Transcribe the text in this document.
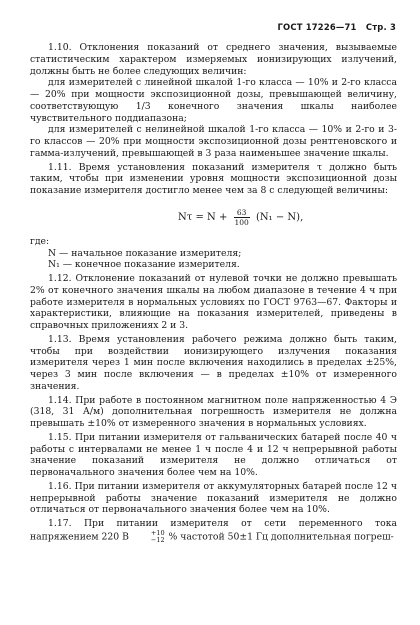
ГОСТ 17226—71 Стр. 3

1.10. Отклонения показаний от среднего значения, вызываемые статистическим характером измеряемых ионизирующих излучений, должны быть не более следующих величин:

для измерителей с линейной шкалой 1-го класса — 10% и 2-го класса — 20% при мощности экспозиционной дозы, превышающей величину, соответствующую 1/3 конечного значения шкалы наиболее чувствительного поддиапазона;

для измерителей с нелинейной шкалой 1-го класса — 10% и 2-го и 3-го классов — 20% при мощности экспозиционной дозы рентгеновского и гамма-излучений, превышающей в 3 раза наименьшее значение шкалы.

1.11. Время установления показаний измерителя τ должно быть таким, чтобы при изменении уровня мощности экспозиционной дозы показание измерителя достигло менее чем за 8 с следующей величины:

$N\tau = N + \frac{63}{100} (N_1 - N)$,

где:

N — начальное показание измерителя;

N₁ — конечное показание измерителя.

1.12. Отклонение показаний от нулевой точки не должно превышать 2% от конечного значения шкалы на любом диапазоне в течение 4 ч при работе измерителя в нормальных условиях по ГОСТ 9763—67. Факторы и характеристики, влияющие на показания измерителей, приведены в справочных приложениях 2 и 3.

1.13. Время установления рабочего режима должно быть таким, чтобы при воздействии ионизирующего излучения показания измерителя через 1 мин после включения находились в пределах ±25%, через 3 мин после включения — в пределах ±10% от измеренного значения.

1.14. При работе в постоянном магнитном поле напряженностью 4 Э (318, 31 А/м) дополнительная погрешность измерителя не должна превышать ±10% от измеренного значения в нормальных условиях.

1.15. При питании измерителя от гальванических батарей после 40 ч работы с интервалами не менее 1 ч после 4 и 12 ч непрерывной работы значение показаний измерителя не должно отличаться от первоначального значения более чем на 10%.

1.16. При питании измерителя от аккумуляторных батарей после 12 ч непрерывной работы значение показаний измерителя не должно отличаться от первоначального значения более чем на 10%.

1.17. При питании измерителя от сети переменного тока напряжением 220 В	+10
−12 % частотой 50±1 Гц дополнительная погреш-
